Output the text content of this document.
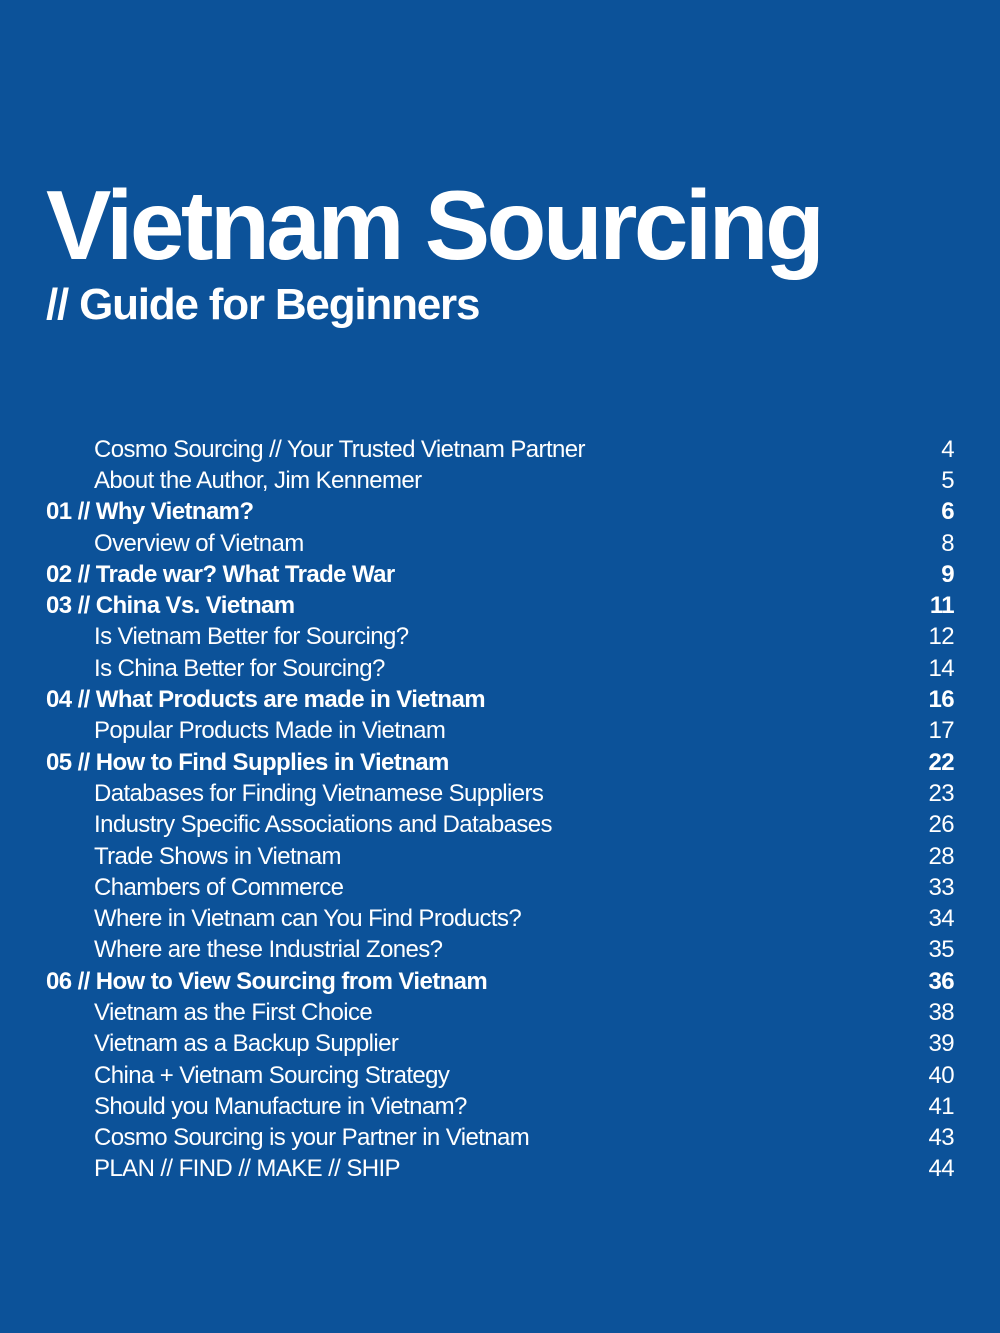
Vietnam Sourcing
// Guide for Beginners
Cosmo Sourcing // Your Trusted Vietnam Partner	4
About the Author, Jim Kennemer	5
01 // Why Vietnam?	6
Overview of Vietnam	8
02 // Trade war? What Trade War	9
03 // China Vs. Vietnam	11
Is Vietnam Better for Sourcing?	12
Is China Better for Sourcing?	14
04 // What Products are made in Vietnam	16
Popular Products Made in Vietnam	17
05 // How to Find Supplies in Vietnam	22
Databases for Finding Vietnamese Suppliers	23
Industry Specific Associations and Databases	26
Trade Shows in Vietnam	28
Chambers of Commerce	33
Where in Vietnam can You Find Products?	34
Where are these Industrial Zones?	35
06 // How to View Sourcing from Vietnam	36
Vietnam as the First Choice	38
Vietnam as a Backup Supplier	39
China + Vietnam Sourcing Strategy	40
Should you Manufacture in Vietnam?	41
Cosmo Sourcing is your Partner in Vietnam	43
PLAN // FIND // MAKE // SHIP	44
